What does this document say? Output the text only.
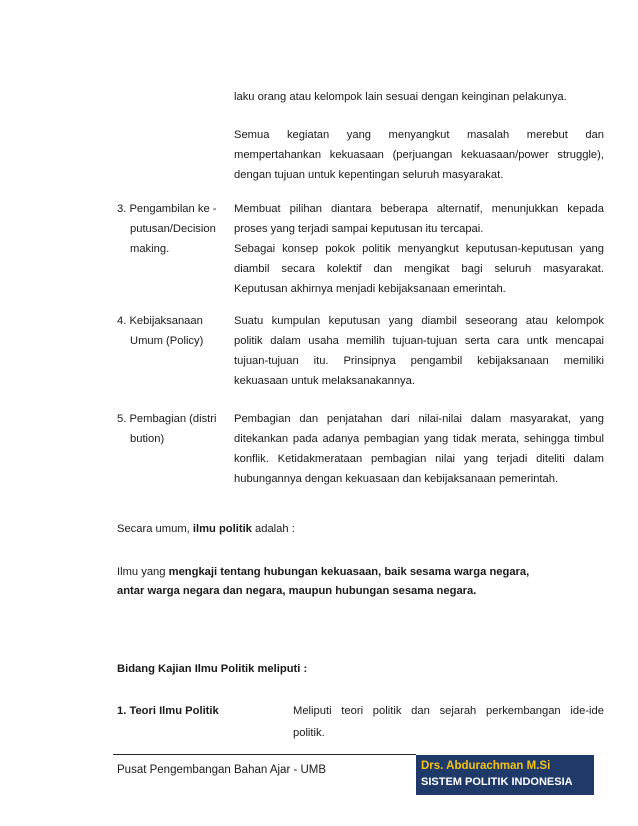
laku orang atau kelompok lain sesuai dengan keinginan pelakunya.
Semua kegiatan yang menyangkut masalah merebut dan
mempertahankan kekuasaan (perjuangan kekuasaan/power struggle),
dengan tujuan untuk kepentingan seluruh masyarakat.
3. Pengambilan ke -
putusan/Decision
making.
Membuat pilihan diantara beberapa alternatif, menunjukkan kepada
proses yang terjadi sampai keputusan itu tercapai.
Sebagai konsep pokok politik menyangkut keputusan-keputusan yang
diambil secara kolektif dan mengikat bagi seluruh masyarakat.
Keputusan akhirnya menjadi kebijaksanaan emerintah.
4. Kebijaksanaan
Umum (Policy)
Suatu kumpulan keputusan yang diambil seseorang atau kelompok
politik dalam usaha memilih tujuan-tujuan serta cara untk mencapai
tujuan-tujuan itu. Prinsipnya pengambil kebijaksanaan memiliki
kekuasaan untuk melaksanakannya.
5. Pembagian (distri
bution)
Pembagian dan penjatahan dari nilai-nilai dalam masyarakat, yang
ditekankan pada adanya pembagian yang tidak merata, sehingga timbul
konflik. Ketidakmerataan pembagian nilai yang terjadi diteliti dalam
hubungannya dengan kekuasaan dan kebijaksanaan pemerintah.
Secara umum, ilmu politik adalah :
Ilmu yang mengkaji tentang hubungan kekuasaan, baik sesama warga negara,
antar warga negara dan negara, maupun hubungan sesama negara.
Bidang Kajian Ilmu Politik meliputi :
1. Teori Ilmu Politik	Meliputi teori politik dan sejarah perkembangan ide-ide
politik.
Pusat Pengembangan Bahan Ajar - UMB	Drs. Abdurachman M.Si
SISTEM POLITIK INDONESIA
